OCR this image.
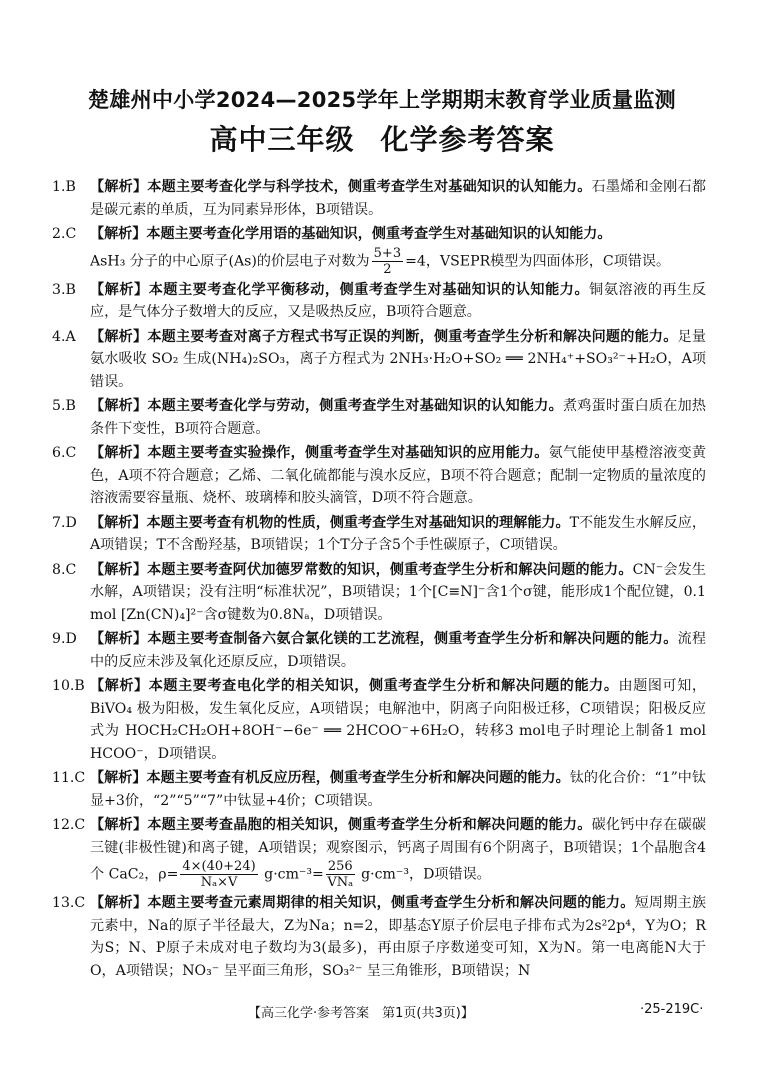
楚雄州中小学2024—2025学年上学期期末教育学业质量监测
高中三年级 化学参考答案
1.B	【解析】本题主要考查化学与科学技术，侧重考查学生对基础知识的认知能力。石墨烯和金刚石都是碳元素的单质，互为同素异形体，B项错误。
2.C 【解析】本题主要考查化学用语的基础知识，侧重考查学生对基础知识的认知能力。
AsH₃ 分子的中心原子(As)的价层电子对数为 $\frac{5+3}{2} =4$，VSEPR模型为四面体形，C项错误。
3.B	【解析】本题主要考查化学平衡移动，侧重考查学生对基础知识的认知能力。铜氨溶液的再生反应，是气体分子数增大的反应，又是吸热反应，B项符合题意。
4.A	【解析】本题主要考查对离子方程式书写正误的判断，侧重考查学生分析和解决问题的能力。足量氨水吸收 SO₂ 生成(NH₄)₂SO₃，离子方程式为 2NH₃·H₂O+SO₂ ══ 2NH₄⁺+SO₃²⁻+H₂O，A项错误。
5.B	【解析】本题主要考查化学与劳动，侧重考查学生对基础知识的认知能力。煮鸡蛋时蛋白质在加热条件下变性，B项符合题意。
6.C 【解析】本题主要考查实验操作，侧重考查学生对基础知识的应用能力。氨气能使甲基橙溶液变黄色，A项不符合题意；乙烯、二氧化硫都能与溴水反应，B项不符合题意；配制一定物质的量浓度的溶液需要容量瓶、烧杯、玻璃棒和胶头滴管，D项不符合题意。
7.D 【解析】本题主要考查有机物的性质，侧重考查学生对基础知识的理解能力。T不能发生水解反应，A项错误；T不含酚羟基，B项错误；1个T分子含5个手性碳原子，C项错误。
8.C 【解析】本题主要考查阿伏加德罗常数的知识，侧重考查学生分析和解决问题的能力。CN⁻会发生水解，A项错误；没有注明“标准状况”，B项错误；1个[C≡N]⁻含1个σ键，能形成1个配位键，0.1 mol [Zn(CN)₄]²⁻含σ键数为0.8Nₐ，D项错误。
9.D 【解析】本题主要考查制备六氨合氯化镁的工艺流程，侧重考查学生分析和解决问题的能力。流程中的反应未涉及氧化还原反应，D项错误。
10.B 【解析】本题主要考查电化学的相关知识，侧重考查学生分析和解决问题的能力。由题图可知，BiVO₄ 极为阳极，发生氧化反应，A项错误；电解池中，阴离子向阳极迁移，C项错误；阳极反应式为 HOCH₂CH₂OH+8OH⁻−6e⁻ ══ 2HCOO⁻+6H₂O，转移3 mol电子时理论上制备1 mol HCOO⁻，D项错误。
11.C 【解析】本题主要考查有机反应历程，侧重考查学生分析和解决问题的能力。钛的化合价：“1”中钛显+3价，“2”“5”“7”中钛显+4价；C项错误。
12.C 【解析】本题主要考查晶胞的相关知识，侧重考查学生分析和解决问题的能力。碳化钙中存在碳碳三键(非极性键)和离子键，A项错误；观察图示，钙离子周围有6个阴离子，B项错误；1个晶胞含4个 CaC₂，$\rho= \frac{4\times(40+24)}{\text{Nₐ×V}} g\cdot cm^{-3}= \frac{256}{\text{VNₐ}} g\cdot cm^{-3}$，D项错误。
13.C 【解析】本题主要考查元素周期律的相关知识，侧重考查学生分析和解决问题的能力。短周期主族元素中，Na的原子半径最大，Z为Na；n=2，即基态Y原子价层电子排布式为2s²2p⁴，Y为O；R为S；N、P原子未成对电子数均为3(最多)，再由原子序数递变可知，X为N。第一电离能N大于O，A项错误；NO₃⁻ 呈平面三角形，SO₃²⁻ 呈三角锥形，B项错误；N
【高三化学·参考答案　第1页(共3页)】	·25-219C·
